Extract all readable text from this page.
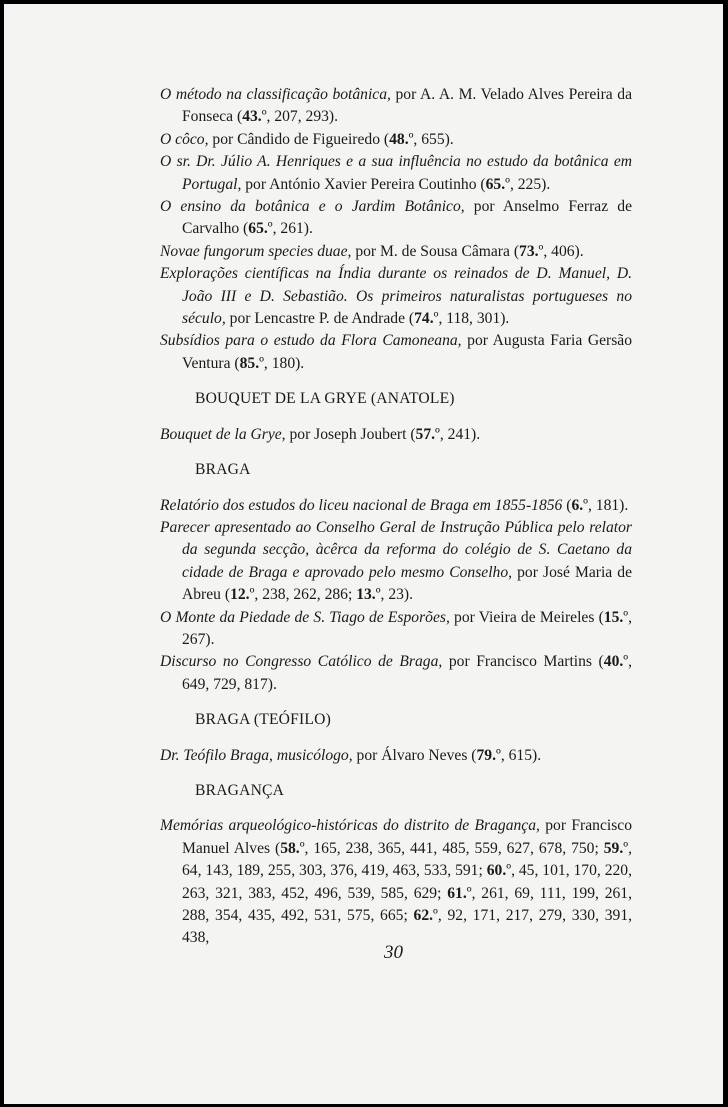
O método na classificação botânica, por A. A. M. Velado Alves Pereira da Fonseca (43.º, 207, 293).

O côco, por Cândido de Figueiredo (48.º, 655).

O sr. Dr. Júlio A. Henriques e a sua influência no estudo da botânica em Portugal, por António Xavier Pereira Coutinho (65.º, 225).

O ensino da botânica e o Jardim Botânico, por Anselmo Ferraz de Carvalho (65.º, 261).

Novae fungorum species duae, por M. de Sousa Câmara (73.º, 406).

Explorações científicas na Índia durante os reinados de D. Manuel, D. João III e D. Sebastião. Os primeiros naturalistas portugueses no século, por Lencastre P. de Andrade (74.º, 118, 301).

Subsídios para o estudo da Flora Camoneana, por Augusta Faria Gersão Ventura (85.º, 180).

BOUQUET DE LA GRYE (ANATOLE)

Bouquet de la Grye, por Joseph Joubert (57.º, 241).

BRAGA

Relatório dos estudos do liceu nacional de Braga em 1855-1856 (6.º, 181).

Parecer apresentado ao Conselho Geral de Instrução Pública pelo relator da segunda secção, àcêrca da reforma do colégio de S. Caetano da cidade de Braga e aprovado pelo mesmo Conselho, por José Maria de Abreu (12.º, 238, 262, 286; 13.º, 23).

O Monte da Piedade de S. Tiago de Esporões, por Vieira de Meireles (15.º, 267).

Discurso no Congresso Católico de Braga, por Francisco Martins (40.º, 649, 729, 817).

BRAGA (TEÓFILO)

Dr. Teófilo Braga, musicólogo, por Álvaro Neves (79.º, 615).

BRAGANÇA

Memórias arqueológico-históricas do distrito de Bragança, por Francisco Manuel Alves (58.º, 165, 238, 365, 441, 485, 559, 627, 678, 750; 59.º, 64, 143, 189, 255, 303, 376, 419, 463, 533, 591; 60.º, 45, 101, 170, 220, 263, 321, 383, 452, 496, 539, 585, 629; 61.º, 261, 69, 111, 199, 261, 288, 354, 435, 492, 531, 575, 665; 62.º, 92, 171, 217, 279, 330, 391, 438,

30
